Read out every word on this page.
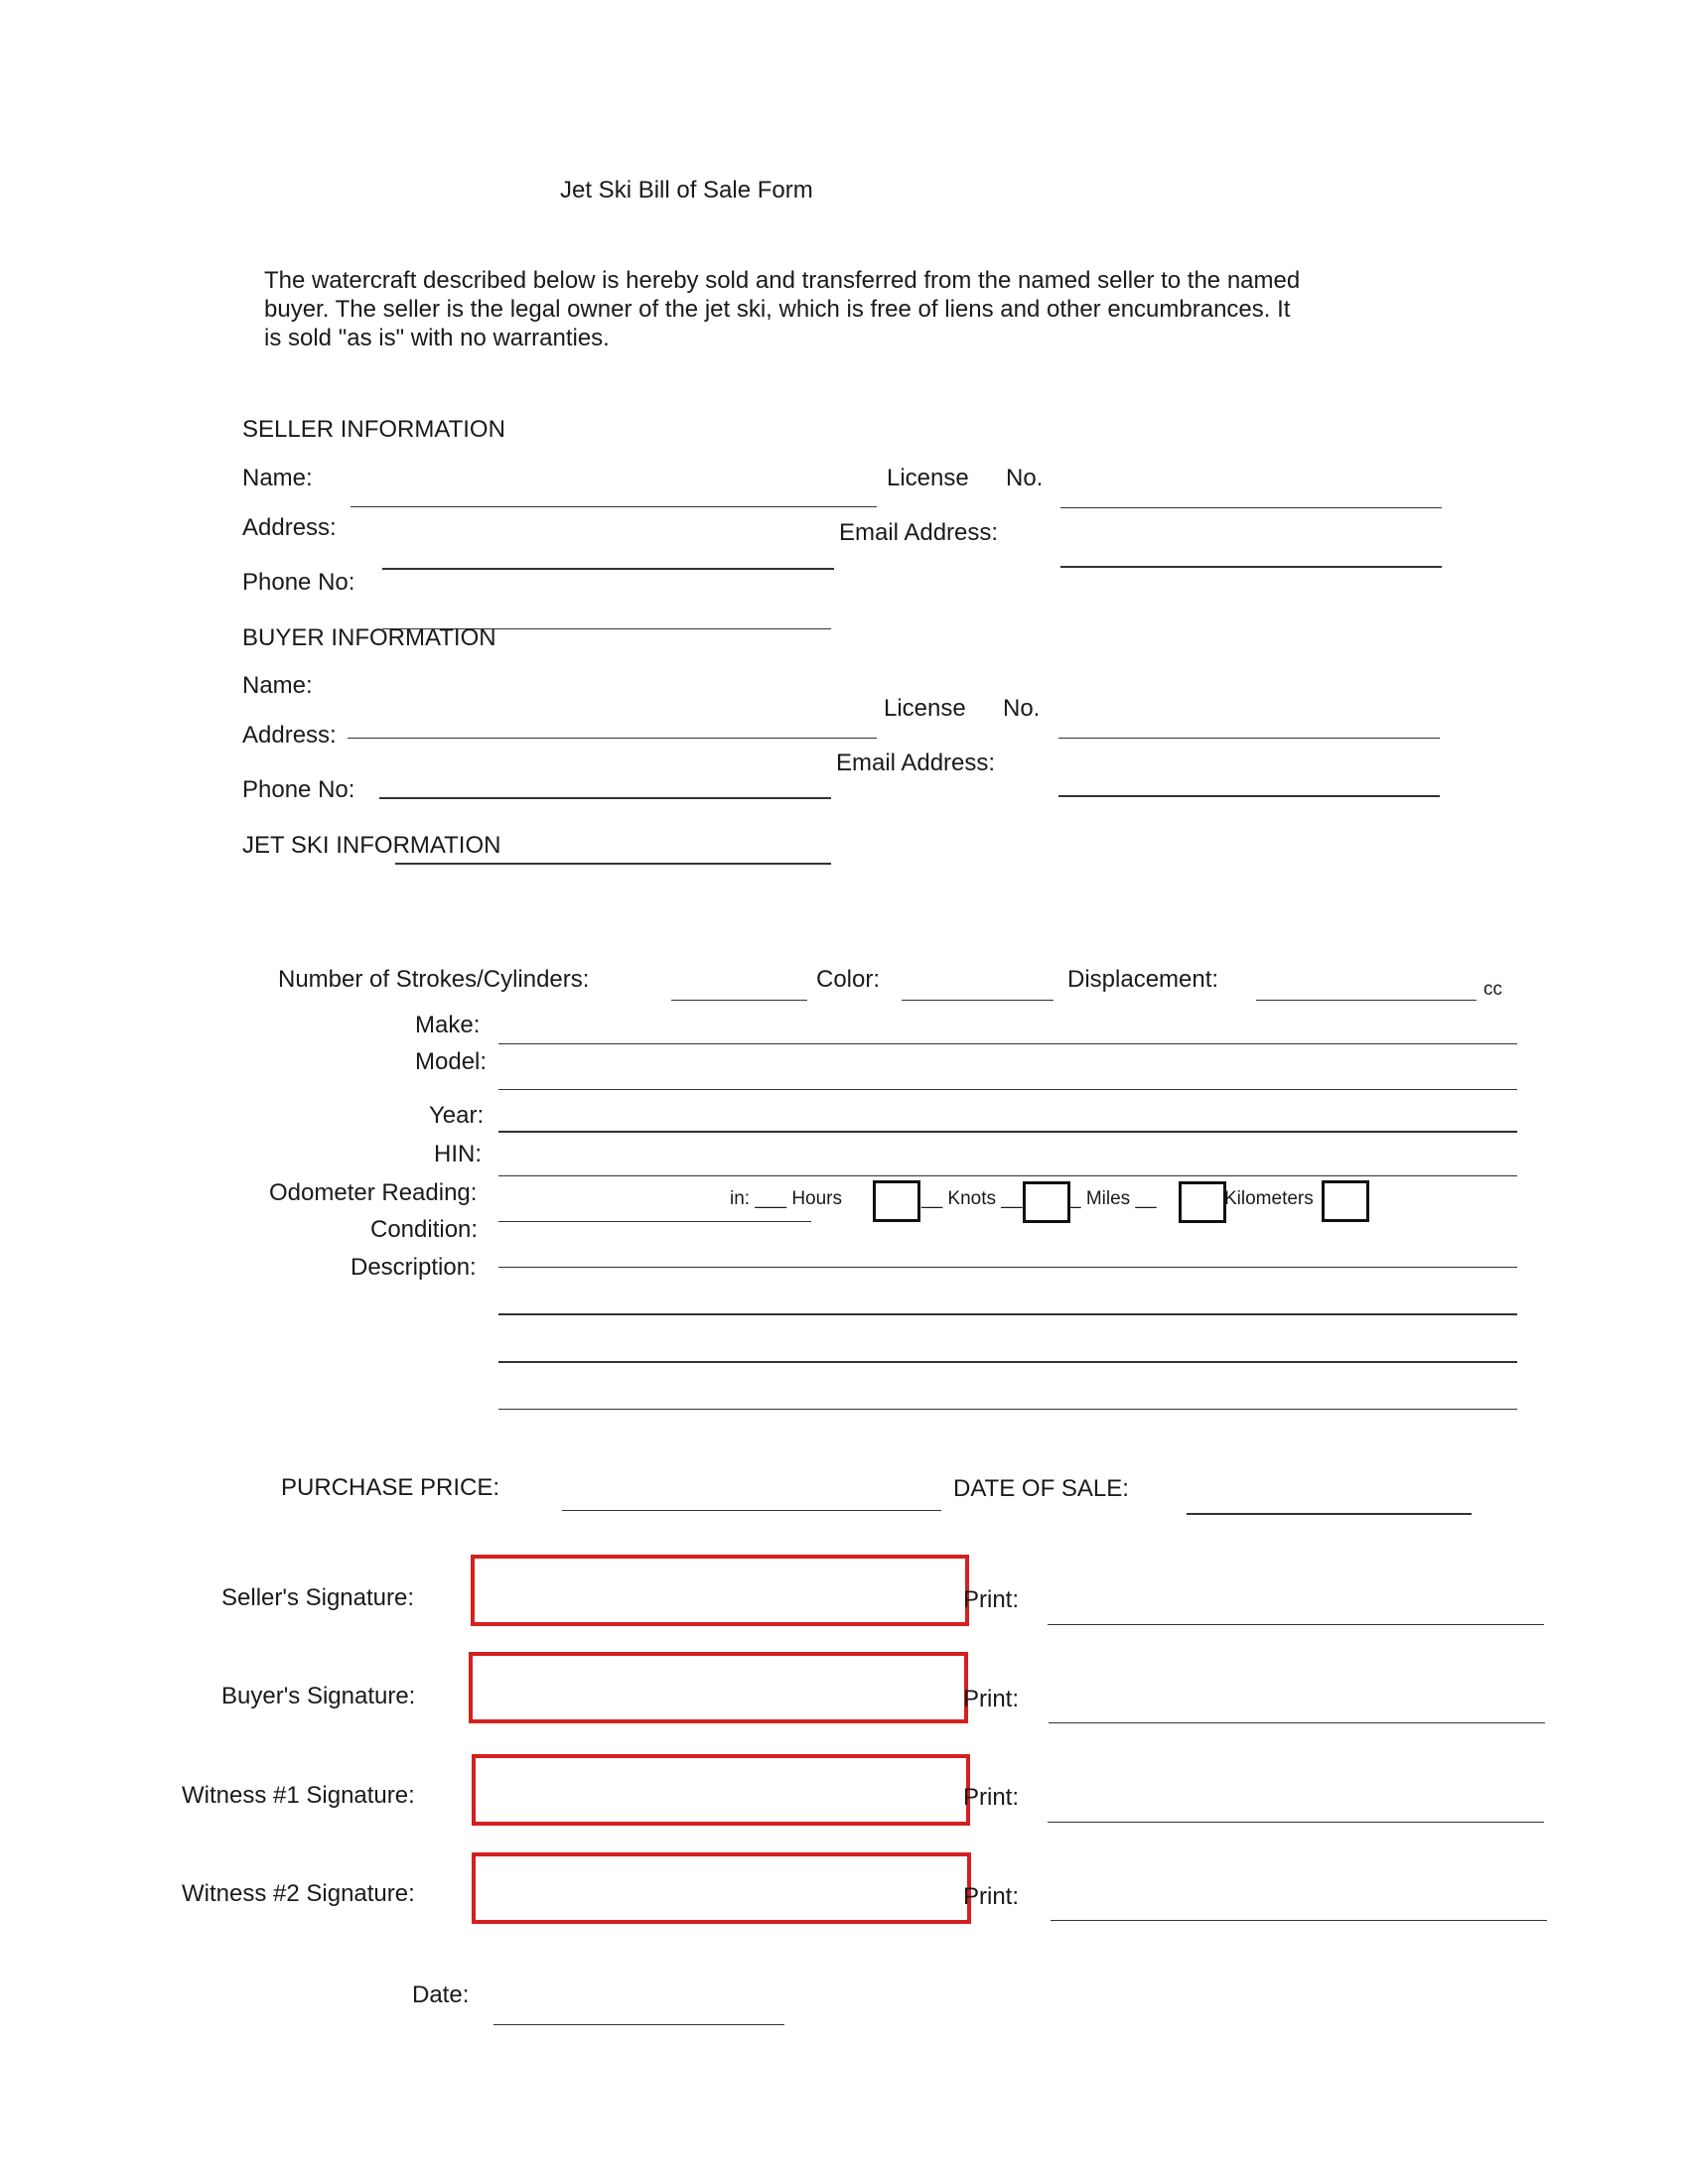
Jet Ski Bill of Sale Form
The watercraft described below is hereby sold and transferred from the named seller to the named buyer. The seller is the legal owner of the jet ski, which is free of liens and other encumbrances. It is sold "as is" with no warranties.
SELLER INFORMATION
Name:	License No.
Address:	Email Address:
Phone No:
BUYER INFORMATION
Name:
License No.
Address:
Email Address:
Phone No:
JET SKI INFORMATION
Number of Strokes/Cylinders:	Color:	Displacement:	cc
Make:
Model:
Year:
HIN:
Odometer Reading:	in: ___ Hours	__ Knots __	_ Miles __	Kilometers
Condition:
Description:
PURCHASE PRICE:	DATE OF SALE:
Seller's Signature:	Print:
Buyer's Signature:	Print:
Witness #1 Signature:	Print:
Witness #2 Signature:	Print:
Date:
